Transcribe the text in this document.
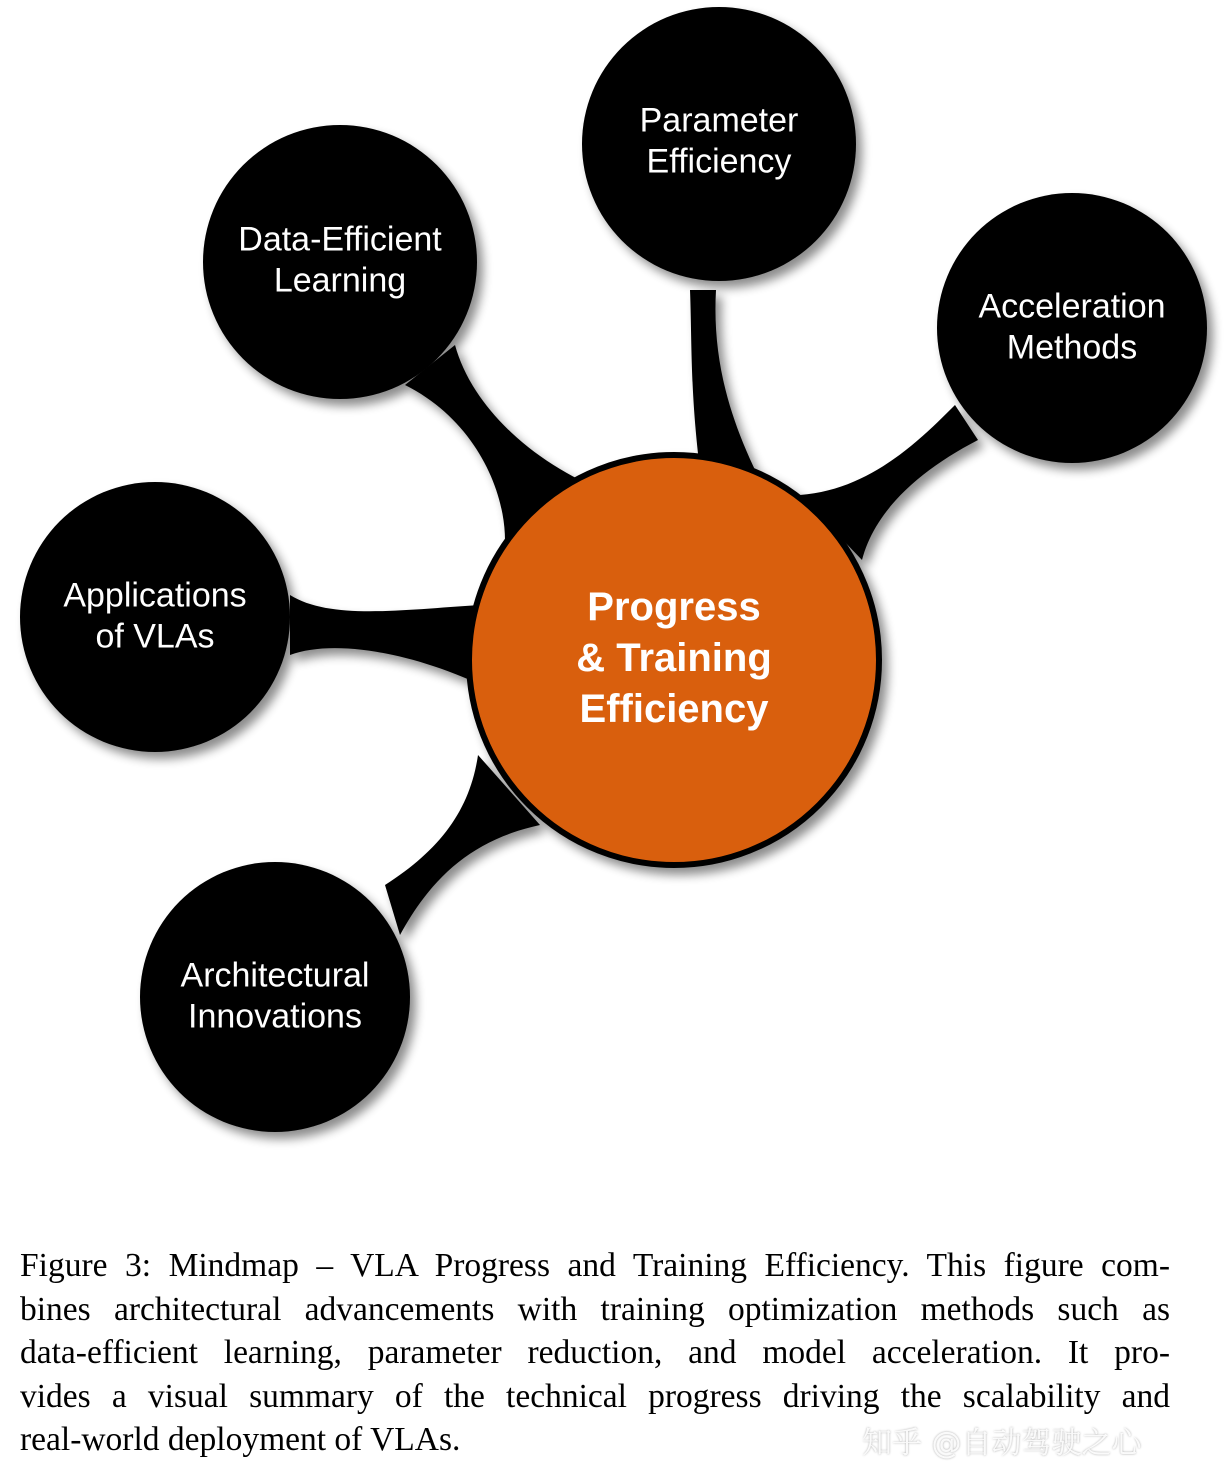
Parameter
Efficiency
Data-Efficient
Learning
Acceleration
Methods
Applications
of VLAs
Architectural
Innovations
Progress
& Training
Efficiency
Figure 3: Mindmap – VLA Progress and Training Efficiency. This figure com-
bines architectural advancements with training optimization methods such as
data-efficient learning, parameter reduction, and model acceleration. It pro-
vides a visual summary of the technical progress driving the scalability and
real-world deployment of VLAs.	知乎 @自动驾驶之心
